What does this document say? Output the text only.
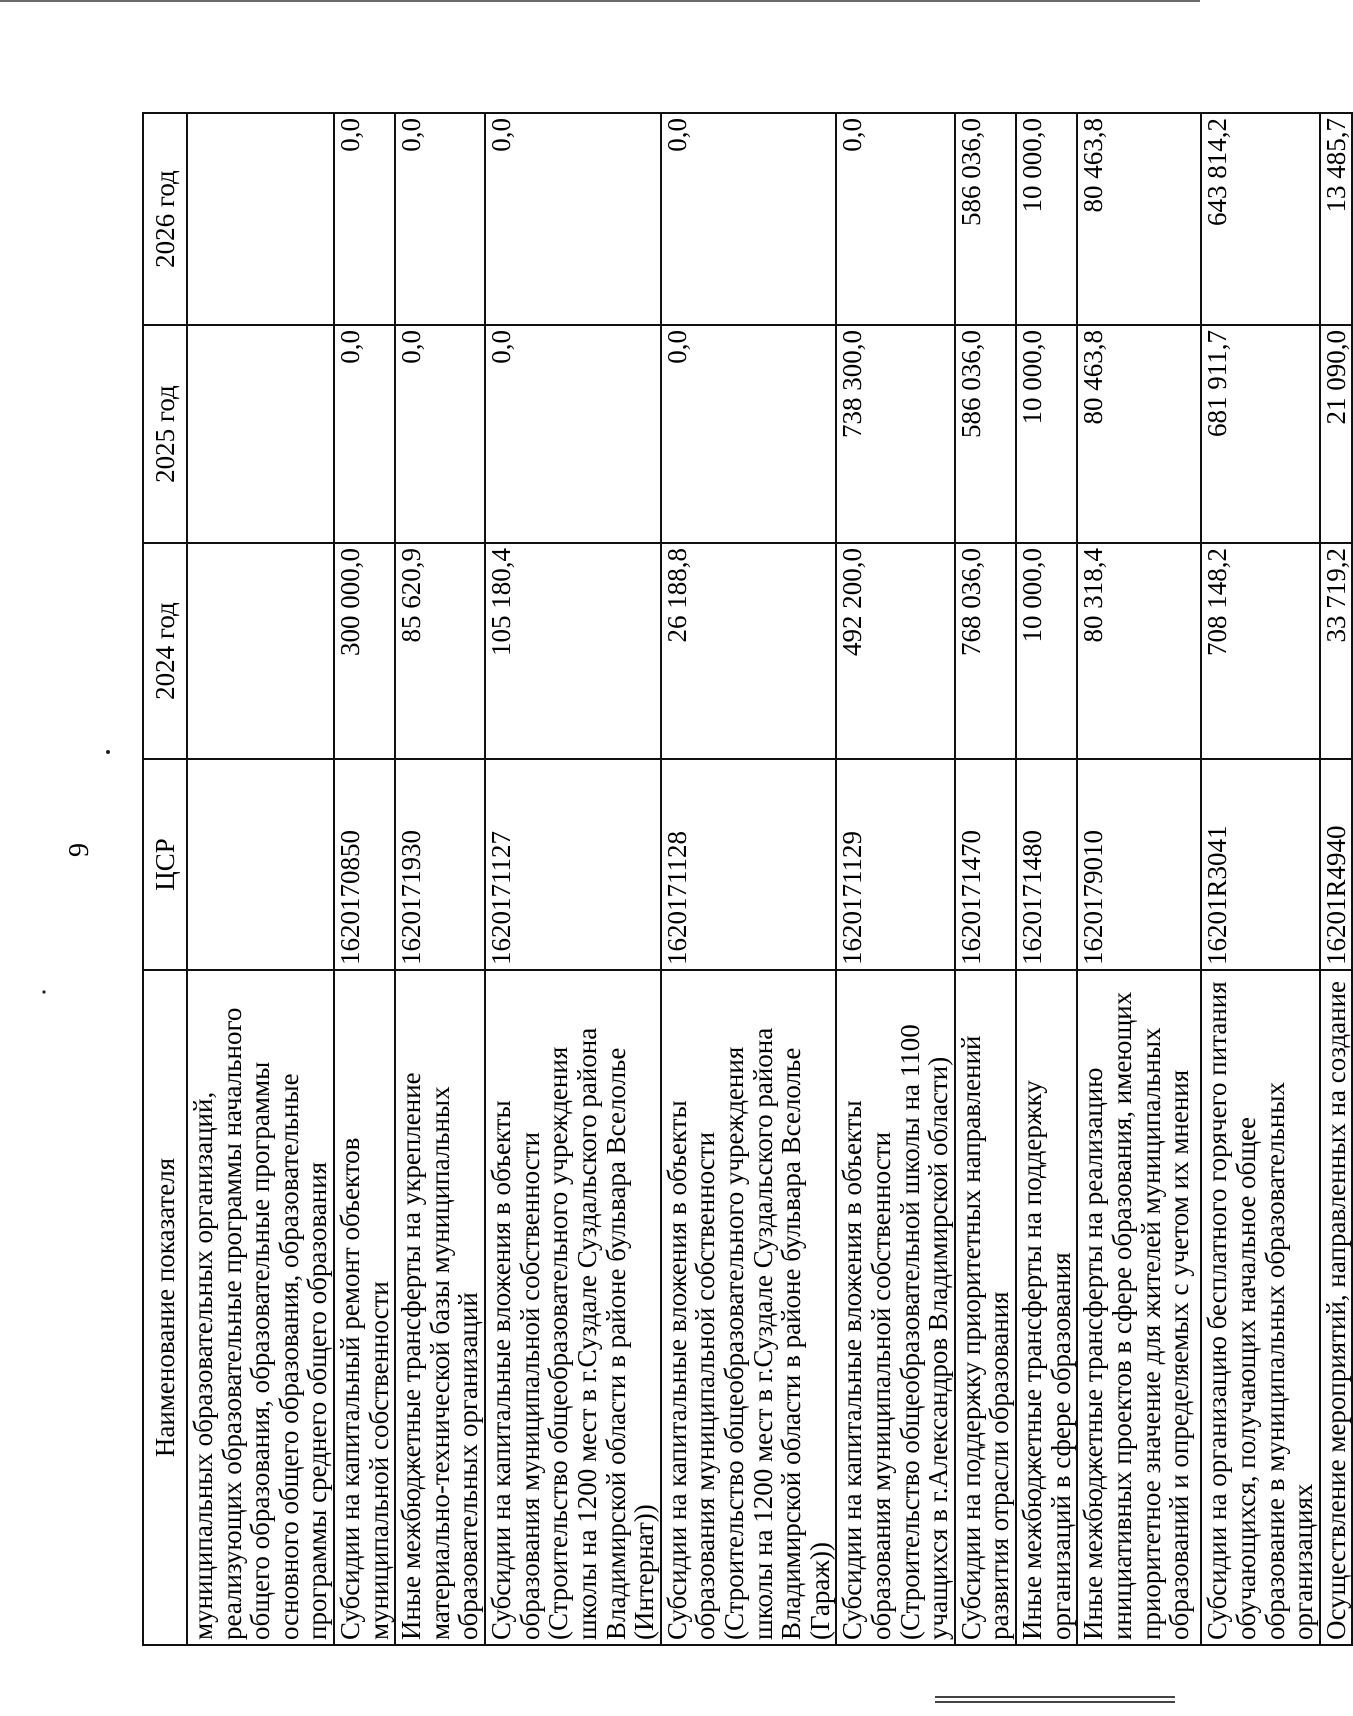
9
Наименование показателя	ЦСР	2024 год	2025 год	2026 год
муниципальных образовательных организаций, реализующих образовательные программы начального общего образования, образовательные программы основного общего образования, образовательные программы среднего общего образования				
Субсидии на капитальный ремонт объектов муниципальной собственности	1620170850	300 000,0	0,0	0,0
Иные межбюджетные трансферты на укрепление материально-технической базы муниципальных образовательных организаций	1620171930	85 620,9	0,0	0,0
Субсидии на капитальные вложения в объекты образования муниципальной собственности (Строительство общеобразовательного учреждения школы на 1200 мест в г.Суздале Суздальского района Владимирской области в районе бульвара Вселолье (Интернат))	1620171127	105 180,4	0,0	0,0
Субсидии на капитальные вложения в объекты образования муниципальной собственности (Строительство общеобразовательного учреждения школы на 1200 мест в г.Суздале Суздальского района Владимирской области в районе бульвара Вселолье (Гараж))	1620171128	26 188,8	0,0	0,0
Субсидии на капитальные вложения в объекты образования муниципальной собственности (Строительство общеобразовательной школы на 1100 учащихся в г.Александров Владимирской области)	1620171129	492 200,0	738 300,0	0,0
Субсидии на поддержку приоритетных направлений развития отрасли образования	1620171470	768 036,0	586 036,0	586 036,0
Иные межбюджетные трансферты на поддержку организаций в сфере образования	1620171480	10 000,0	10 000,0	10 000,0
Иные межбюджетные трансферты на реализацию инициативных проектов в сфере образования, имеющих приоритетное значение для жителей муниципальных образований и определяемых с учетом их мнения	1620179010	80 318,4	80 463,8	80 463,8
Субсидии на организацию бесплатного горячего питания обучающихся, получающих начальное общее образование в муниципальных образовательных организациях	16201R3041	708 148,2	681 911,7	643 814,2
Осуществление мероприятий, направленных на создание	16201R4940	33 719,2	21 090,0	13 485,7
